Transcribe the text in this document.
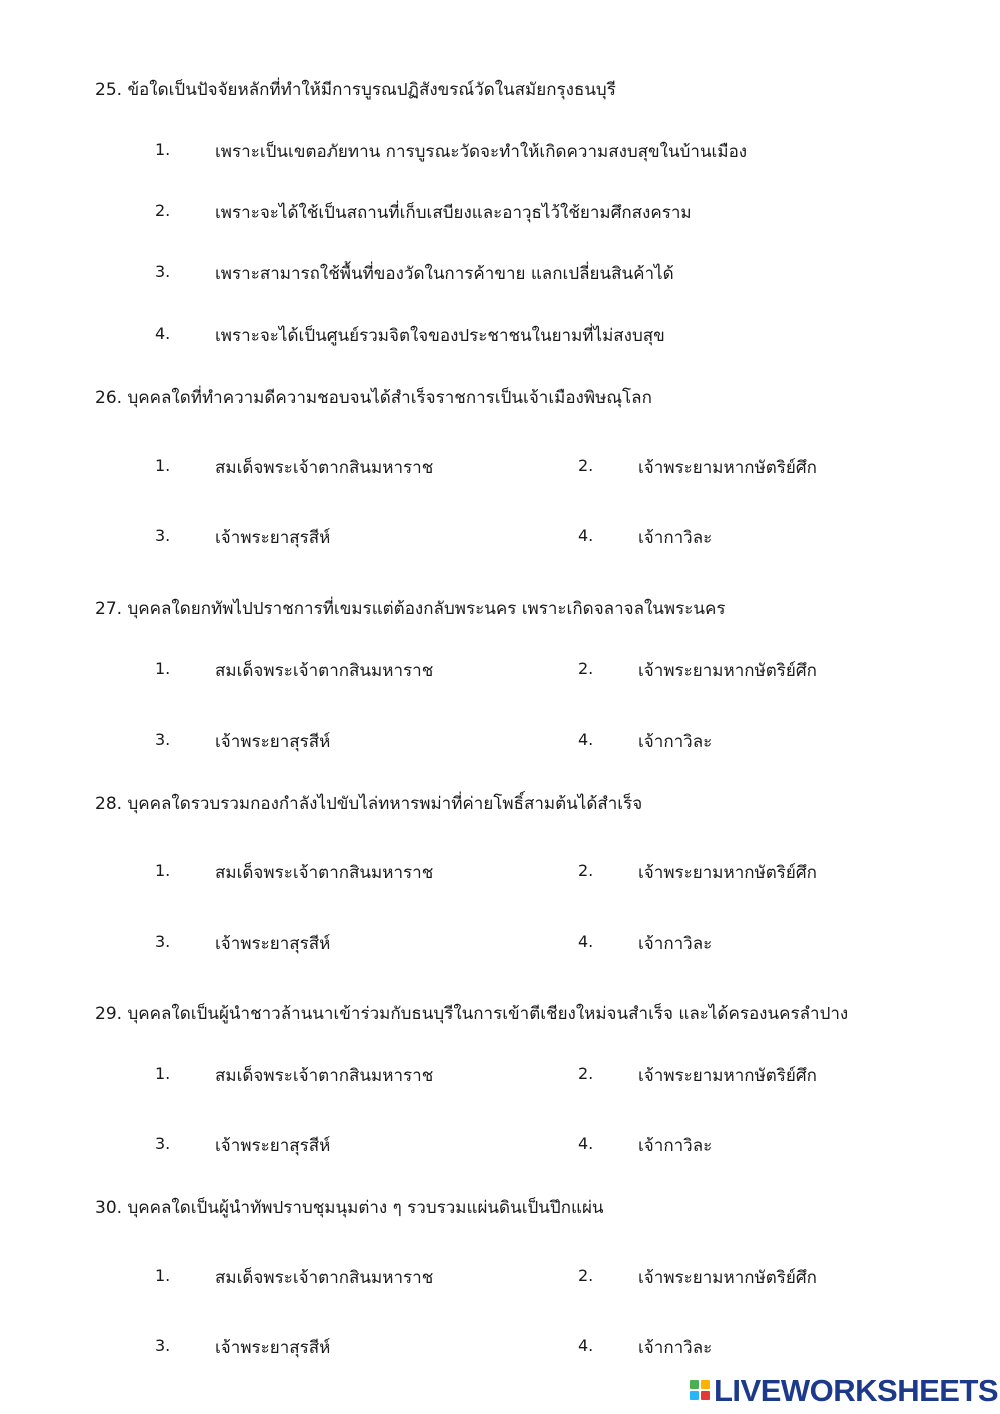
25. ข้อใดเป็นปัจจัยหลักที่ทำให้มีการบูรณปฏิสังขรณ์วัดในสมัยกรุงธนบุรี
1.	เพราะเป็นเขตอภัยทาน การบูรณะวัดจะทำให้เกิดความสงบสุขในบ้านเมือง
2.	เพราะจะได้ใช้เป็นสถานที่เก็บเสบียงและอาวุธไว้ใช้ยามศึกสงคราม
3.	เพราะสามารถใช้พื้นที่ของวัดในการค้าขาย แลกเปลี่ยนสินค้าได้
4.	เพราะจะได้เป็นศูนย์รวมจิตใจของประชาชนในยามที่ไม่สงบสุข
26. บุคคลใดที่ทำความดีความชอบจนได้สำเร็จราชการเป็นเจ้าเมืองพิษณุโลก
1.	สมเด็จพระเจ้าตากสินมหาราช	2.	เจ้าพระยามหากษัตริย์ศึก
3.	เจ้าพระยาสุรสีห์	4.	เจ้ากาวิละ
27. บุคคลใดยกทัพไปปราชการที่เขมรแต่ต้องกลับพระนคร เพราะเกิดจลาจลในพระนคร
1.	สมเด็จพระเจ้าตากสินมหาราช	2.	เจ้าพระยามหากษัตริย์ศึก
3.	เจ้าพระยาสุรสีห์	4.	เจ้ากาวิละ
28. บุคคลใดรวบรวมกองกำลังไปขับไล่ทหารพม่าที่ค่ายโพธิ์สามต้นได้สำเร็จ
1.	สมเด็จพระเจ้าตากสินมหาราช	2.	เจ้าพระยามหากษัตริย์ศึก
3.	เจ้าพระยาสุรสีห์	4.	เจ้ากาวิละ
29. บุคคลใดเป็นผู้นำชาวล้านนาเข้าร่วมกับธนบุรีในการเข้าตีเชียงใหม่จนสำเร็จ และได้ครองนครลำปาง
1.	สมเด็จพระเจ้าตากสินมหาราช	2.	เจ้าพระยามหากษัตริย์ศึก
3.	เจ้าพระยาสุรสีห์	4.	เจ้ากาวิละ
30. บุคคลใดเป็นผู้นำทัพปราบชุมนุมต่าง ๆ รวบรวมแผ่นดินเป็นปึกแผ่น
1.	สมเด็จพระเจ้าตากสินมหาราช	2.	เจ้าพระยามหากษัตริย์ศึก
3.	เจ้าพระยาสุรสีห์	4.	เจ้ากาวิละ
LIVEWORKSHEETS
